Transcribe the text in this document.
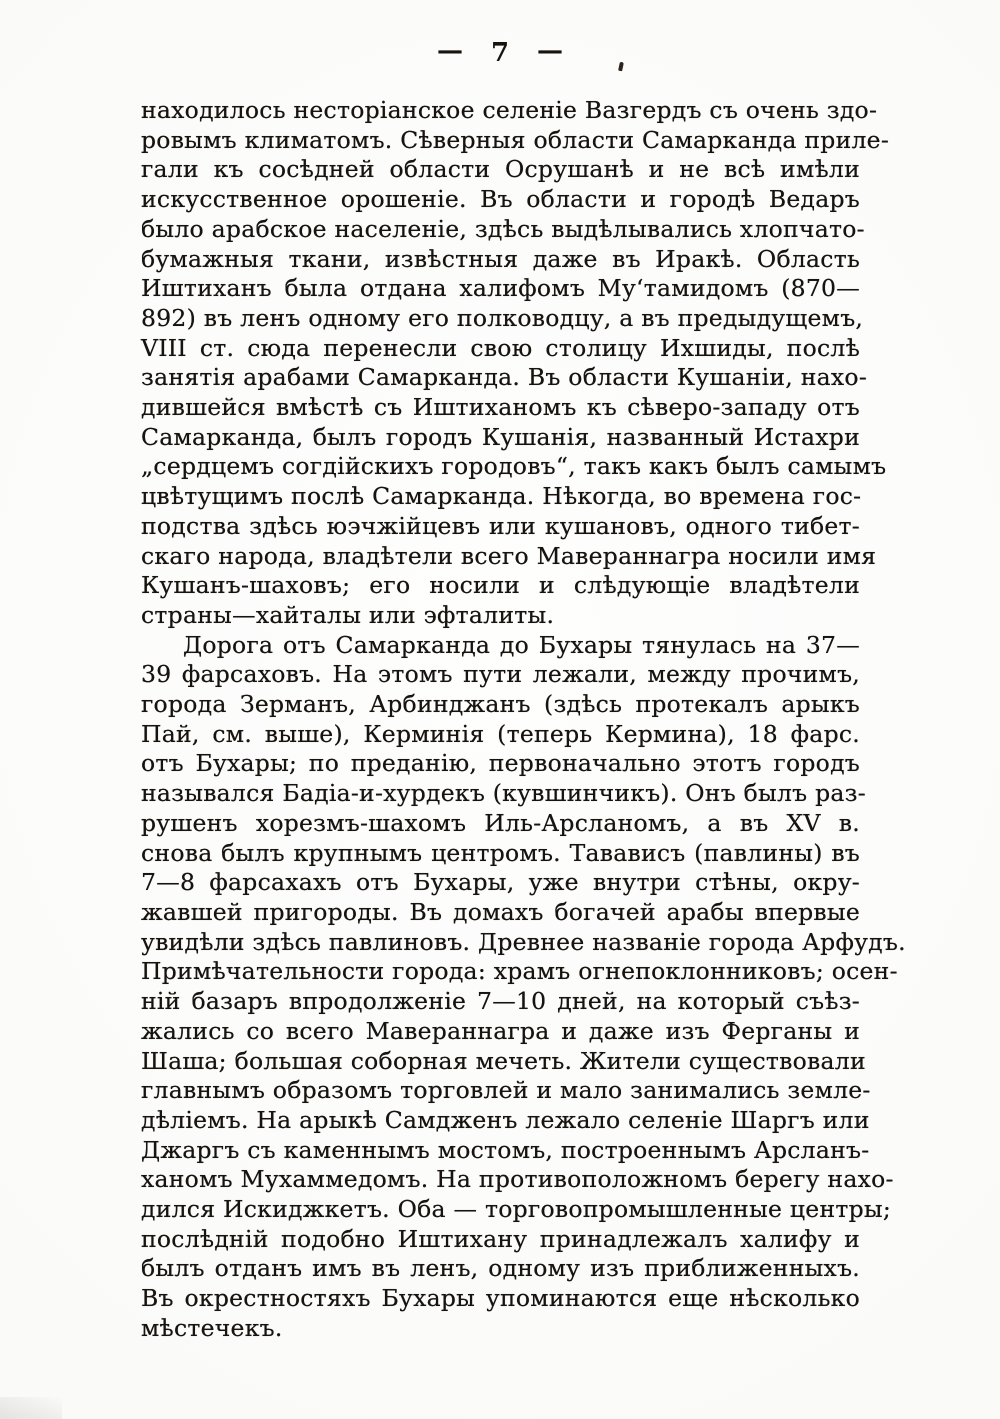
— 7 —
находилось несторіанское селеніе Вазгердъ съ очень здо-
ровымъ климатомъ. Сѣверныя области Самарканда приле-
гали къ сосѣдней области Осрушанѣ и не всѣ имѣли
искусственное орошеніе. Въ области и городѣ Ведаръ
было арабское населеніе, здѣсь выдѣлывались хлопчато-
бумажныя ткани, извѣстныя даже въ Иракѣ. Область
Иштиханъ была отдана халифомъ Му‘тамидомъ (870—
892) въ ленъ одному его полководцу, а въ предыдущемъ,
VIII ст. сюда перенесли свою столицу Ихшиды, послѣ
занятія арабами Самарканда. Въ области Кушаніи, нахо-
дившейся вмѣстѣ съ Иштиханомъ къ сѣверо-западу отъ
Самарканда, былъ городъ Кушанія, названный Истахри
„сердцемъ согдійскихъ городовъ“, такъ какъ былъ самымъ
цвѣтущимъ послѣ Самарканда. Нѣкогда, во времена гос-
подства здѣсь юэчжійцевъ или кушановъ, одного тибет-
скаго народа, владѣтели всего Мавераннагра носили имя
Кушанъ-шаховъ; его носили и слѣдующіе владѣтели
страны—хайталы или эфталиты.
Дорога отъ Самарканда до Бухары тянулась на 37—
39 фарсаховъ. На этомъ пути лежали, между прочимъ,
города Зерманъ, Арбинджанъ (здѣсь протекалъ арыкъ
Пай, см. выше), Керминія (теперь Кермина), 18 фарс.
отъ Бухары; по преданію, первоначально этотъ городъ
назывался Бадіа-и-хурдекъ (кувшинчикъ). Онъ былъ раз-
рушенъ хорезмъ-шахомъ Иль-Арсланомъ, а въ XV в.
снова былъ крупнымъ центромъ. Тавависъ (павлины) въ
7—8 фарсахахъ отъ Бухары, уже внутри стѣны, окру-
жавшей пригороды. Въ домахъ богачей арабы впервые
увидѣли здѣсь павлиновъ. Древнее названіе города Арфудъ.
Примѣчательности города: храмъ огнепоклонниковъ; осен-
ній базаръ впродолженіе 7—10 дней, на который съѣз-
жались со всего Мавераннагра и даже изъ Ферганы и
Шаша; большая соборная мечеть. Жители существовали
главнымъ образомъ торговлей и мало занимались земле-
дѣліемъ. На арыкѣ Самдженъ лежало селеніе Шаргъ или
Джаргъ съ каменнымъ мостомъ, построеннымъ Арсланъ-
ханомъ Мухаммедомъ. На противоположномъ берегу нахо-
дился Искиджкетъ. Оба — торговопромышленные центры;
послѣдній подобно Иштихану принадлежалъ халифу и
былъ отданъ имъ въ ленъ, одному изъ приближенныхъ.
Въ окрестностяхъ Бухары упоминаются еще нѣсколько
мѣстечекъ.
